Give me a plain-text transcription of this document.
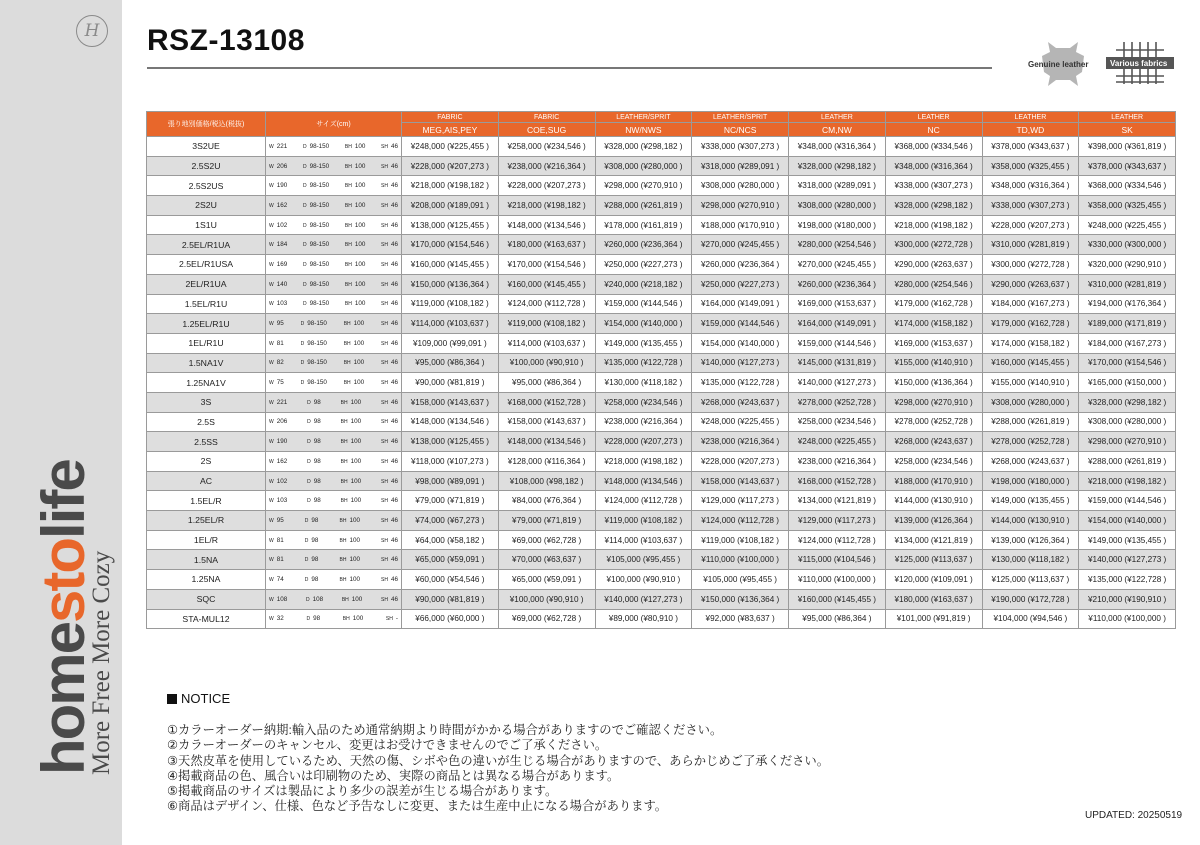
H
homestolife
More Free More Cozy
RSZ-13108
Genuine leather	Various fabrics
張り地別価格/税込(税抜)	サイズ(cm)	FABRIC	FABRIC	LEATHER/SPRIT	LEATHER/SPRIT	LEATHER	LEATHER	LEATHER	LEATHER
		MEG,AIS,PEY	COE,SUG	NW/NWS	NC/NCS	CM,NW	NC	TD,WD	SK
3S2UE	W 221 D 98-150 BH 100 SH 46	¥248,000 (¥225,455 )	¥258,000 (¥234,546 )	¥328,000 (¥298,182 )	¥338,000 (¥307,273 )	¥348,000 (¥316,364 )	¥368,000 (¥334,546 )	¥378,000 (¥343,637 )	¥398,000 (¥361,819 )
2.5S2U	W 206 D 98-150 BH 100 SH 46	¥228,000 (¥207,273 )	¥238,000 (¥216,364 )	¥308,000 (¥280,000 )	¥318,000 (¥289,091 )	¥328,000 (¥298,182 )	¥348,000 (¥316,364 )	¥358,000 (¥325,455 )	¥378,000 (¥343,637 )
2.5S2US	W 190 D 98-150 BH 100 SH 46	¥218,000 (¥198,182 )	¥228,000 (¥207,273 )	¥298,000 (¥270,910 )	¥308,000 (¥280,000 )	¥318,000 (¥289,091 )	¥338,000 (¥307,273 )	¥348,000 (¥316,364 )	¥368,000 (¥334,546 )
2S2U	W 162 D 98-150 BH 100 SH 46	¥208,000 (¥189,091 )	¥218,000 (¥198,182 )	¥288,000 (¥261,819 )	¥298,000 (¥270,910 )	¥308,000 (¥280,000 )	¥328,000 (¥298,182 )	¥338,000 (¥307,273 )	¥358,000 (¥325,455 )
1S1U	W 102 D 98-150 BH 100 SH 46	¥138,000 (¥125,455 )	¥148,000 (¥134,546 )	¥178,000 (¥161,819 )	¥188,000 (¥170,910 )	¥198,000 (¥180,000 )	¥218,000 (¥198,182 )	¥228,000 (¥207,273 )	¥248,000 (¥225,455 )
2.5EL/R1UA	W 184 D 98-150 BH 100 SH 46	¥170,000 (¥154,546 )	¥180,000 (¥163,637 )	¥260,000 (¥236,364 )	¥270,000 (¥245,455 )	¥280,000 (¥254,546 )	¥300,000 (¥272,728 )	¥310,000 (¥281,819 )	¥330,000 (¥300,000 )
2.5EL/R1USA	W 169 D 98-150 BH 100 SH 46	¥160,000 (¥145,455 )	¥170,000 (¥154,546 )	¥250,000 (¥227,273 )	¥260,000 (¥236,364 )	¥270,000 (¥245,455 )	¥290,000 (¥263,637 )	¥300,000 (¥272,728 )	¥320,000 (¥290,910 )
2EL/R1UA	W 140 D 98-150 BH 100 SH 46	¥150,000 (¥136,364 )	¥160,000 (¥145,455 )	¥240,000 (¥218,182 )	¥250,000 (¥227,273 )	¥260,000 (¥236,364 )	¥280,000 (¥254,546 )	¥290,000 (¥263,637 )	¥310,000 (¥281,819 )
1.5EL/R1U	W 103 D 98-150 BH 100 SH 46	¥119,000 (¥108,182 )	¥124,000 (¥112,728 )	¥159,000 (¥144,546 )	¥164,000 (¥149,091 )	¥169,000 (¥153,637 )	¥179,000 (¥162,728 )	¥184,000 (¥167,273 )	¥194,000 (¥176,364 )
1.25EL/R1U	W 95 D 98-150 BH 100 SH 46	¥114,000 (¥103,637 )	¥119,000 (¥108,182 )	¥154,000 (¥140,000 )	¥159,000 (¥144,546 )	¥164,000 (¥149,091 )	¥174,000 (¥158,182 )	¥179,000 (¥162,728 )	¥189,000 (¥171,819 )
1EL/R1U	W 81 D 98-150 BH 100 SH 46	¥109,000 (¥99,091 )	¥114,000 (¥103,637 )	¥149,000 (¥135,455 )	¥154,000 (¥140,000 )	¥159,000 (¥144,546 )	¥169,000 (¥153,637 )	¥174,000 (¥158,182 )	¥184,000 (¥167,273 )
1.5NA1V	W 82 D 98-150 BH 100 SH 46	¥95,000 (¥86,364 )	¥100,000 (¥90,910 )	¥135,000 (¥122,728 )	¥140,000 (¥127,273 )	¥145,000 (¥131,819 )	¥155,000 (¥140,910 )	¥160,000 (¥145,455 )	¥170,000 (¥154,546 )
1.25NA1V	W 75 D 98-150 BH 100 SH 46	¥90,000 (¥81,819 )	¥95,000 (¥86,364 )	¥130,000 (¥118,182 )	¥135,000 (¥122,728 )	¥140,000 (¥127,273 )	¥150,000 (¥136,364 )	¥155,000 (¥140,910 )	¥165,000 (¥150,000 )
3S	W 221 D 98 BH 100 SH 46	¥158,000 (¥143,637 )	¥168,000 (¥152,728 )	¥258,000 (¥234,546 )	¥268,000 (¥243,637 )	¥278,000 (¥252,728 )	¥298,000 (¥270,910 )	¥308,000 (¥280,000 )	¥328,000 (¥298,182 )
2.5S	W 206 D 98 BH 100 SH 46	¥148,000 (¥134,546 )	¥158,000 (¥143,637 )	¥238,000 (¥216,364 )	¥248,000 (¥225,455 )	¥258,000 (¥234,546 )	¥278,000 (¥252,728 )	¥288,000 (¥261,819 )	¥308,000 (¥280,000 )
2.5SS	W 190 D 98 BH 100 SH 46	¥138,000 (¥125,455 )	¥148,000 (¥134,546 )	¥228,000 (¥207,273 )	¥238,000 (¥216,364 )	¥248,000 (¥225,455 )	¥268,000 (¥243,637 )	¥278,000 (¥252,728 )	¥298,000 (¥270,910 )
2S	W 162 D 98 BH 100 SH 46	¥118,000 (¥107,273 )	¥128,000 (¥116,364 )	¥218,000 (¥198,182 )	¥228,000 (¥207,273 )	¥238,000 (¥216,364 )	¥258,000 (¥234,546 )	¥268,000 (¥243,637 )	¥288,000 (¥261,819 )
AC	W 102 D 98 BH 100 SH 46	¥98,000 (¥89,091 )	¥108,000 (¥98,182 )	¥148,000 (¥134,546 )	¥158,000 (¥143,637 )	¥168,000 (¥152,728 )	¥188,000 (¥170,910 )	¥198,000 (¥180,000 )	¥218,000 (¥198,182 )
1.5EL/R	W 103 D 98 BH 100 SH 46	¥79,000 (¥71,819 )	¥84,000 (¥76,364 )	¥124,000 (¥112,728 )	¥129,000 (¥117,273 )	¥134,000 (¥121,819 )	¥144,000 (¥130,910 )	¥149,000 (¥135,455 )	¥159,000 (¥144,546 )
1.25EL/R	W 95 D 98 BH 100 SH 46	¥74,000 (¥67,273 )	¥79,000 (¥71,819 )	¥119,000 (¥108,182 )	¥124,000 (¥112,728 )	¥129,000 (¥117,273 )	¥139,000 (¥126,364 )	¥144,000 (¥130,910 )	¥154,000 (¥140,000 )
1EL/R	W 81 D 98 BH 100 SH 46	¥64,000 (¥58,182 )	¥69,000 (¥62,728 )	¥114,000 (¥103,637 )	¥119,000 (¥108,182 )	¥124,000 (¥112,728 )	¥134,000 (¥121,819 )	¥139,000 (¥126,364 )	¥149,000 (¥135,455 )
1.5NA	W 81 D 98 BH 100 SH 46	¥65,000 (¥59,091 )	¥70,000 (¥63,637 )	¥105,000 (¥95,455 )	¥110,000 (¥100,000 )	¥115,000 (¥104,546 )	¥125,000 (¥113,637 )	¥130,000 (¥118,182 )	¥140,000 (¥127,273 )
1.25NA	W 74 D 98 BH 100 SH 46	¥60,000 (¥54,546 )	¥65,000 (¥59,091 )	¥100,000 (¥90,910 )	¥105,000 (¥95,455 )	¥110,000 (¥100,000 )	¥120,000 (¥109,091 )	¥125,000 (¥113,637 )	¥135,000 (¥122,728 )
SQC	W 108 D 108 BH 100 SH 46	¥90,000 (¥81,819 )	¥100,000 (¥90,910 )	¥140,000 (¥127,273 )	¥150,000 (¥136,364 )	¥160,000 (¥145,455 )	¥180,000 (¥163,637 )	¥190,000 (¥172,728 )	¥210,000 (¥190,910 )
STA-MUL12	W 32 D 98 BH 100 SH -	¥66,000 (¥60,000 )	¥69,000 (¥62,728 )	¥89,000 (¥80,910 )	¥92,000 (¥83,637 )	¥95,000 (¥86,364 )	¥101,000 (¥91,819 )	¥104,000 (¥94,546 )	¥110,000 (¥100,000 )
NOTICE
①カラーオーダー納期:輸入品のため通常納期より時間がかかる場合がありますのでご確認ください。
②カラーオーダーのキャンセル、変更はお受けできませんのでご了承ください。
③天然皮革を使用しているため、天然の傷、シボや色の違いが生じる場合がありますので、あらかじめご了承ください。
④掲載商品の色、風合いは印刷物のため、実際の商品とは異なる場合があります。
⑤掲載商品のサイズは製品により多少の誤差が生じる場合があります。
⑥商品はデザイン、仕様、色など予告なしに変更、または生産中止になる場合があります。
UPDATED: 20250519
